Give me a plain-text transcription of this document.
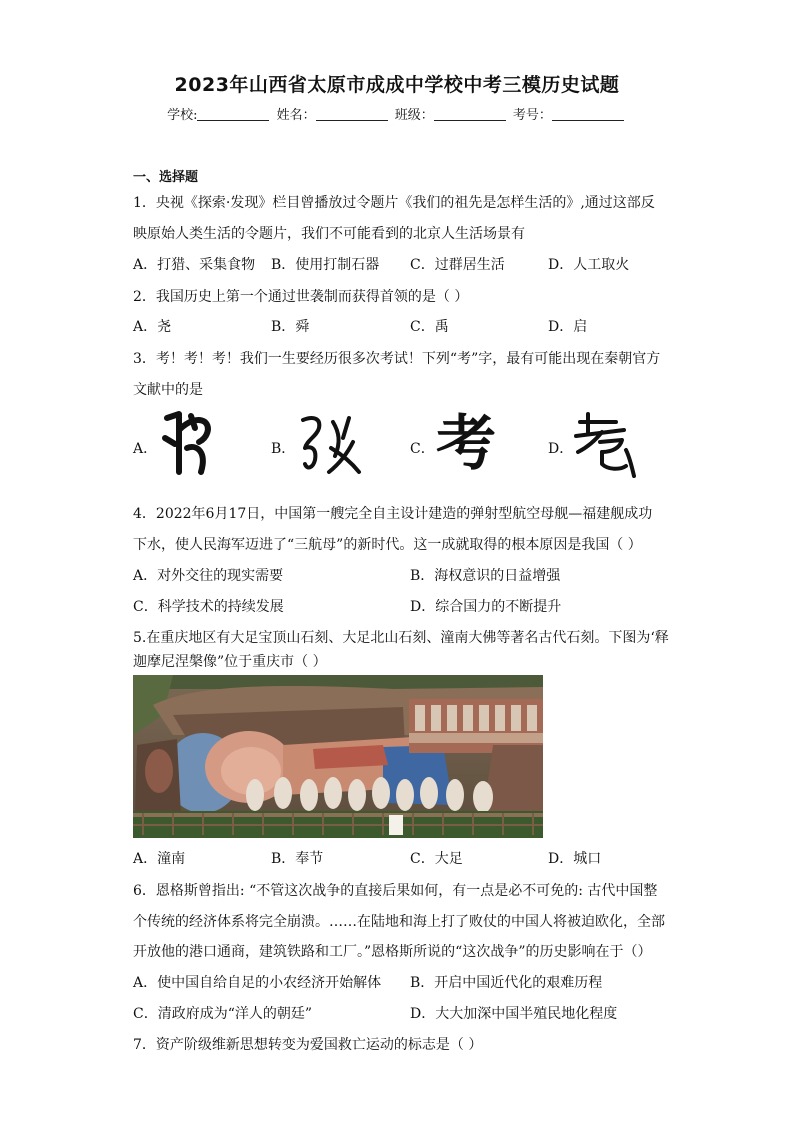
2023年山西省太原市成成中学校中考三模历史试题
学校:	姓名：	班级：	考号：
一、选择题
1．央视《探索·发现》栏目曾播放过令题片《我们的祖先是怎样生活的》,通过这部反
映原始人类生活的令题片，我们不可能看到的北京人生活场景有
A．打猎、采集食物 B．使用打制石器 C．过群居生活	D．人工取火
2．我国历史上第一个通过世袭制而获得首领的是（ ）
A．尧	B．舜	C．禹	D．启
3．考！考！考！我们一生要经历很多次考试！下列“考”字，最有可能出现在秦朝官方
文献中的是
A．	B．	C． 考	D．
4．2022年6月17日，中国第一艘完全自主设计建造的弹射型航空母舰—福建舰成功
下水，使人民海军迈进了“三航母”的新时代。这一成就取得的根本原因是我国（ ）
A．对外交往的现实需要	B．海权意识的日益增强
C．科学技术的持续发展	D．综合国力的不断提升
5.在重庆地区有大足宝顶山石刻、大足北山石刻、潼南大佛等著名古代石刻。下图为‘释
迦摩尼涅槃像”位于重庆市（ ）
A．潼南	B．奉节	C．大足	D．城口
6．恩格斯曾指出: “不管这次战争的直接后果如何，有一点是必不可免的: 古代中国整
个传统的经济体系将完全崩溃。……在陆地和海上打了败仗的中国人将被迫欧化，全部
开放他的港口通商，建筑铁路和工厂。”恩格斯所说的“这次战争”的历史影响在于（）
A．使中国自给自足的小农经济开始解体 B．开启中国近代化的艰难历程
C．清政府成为“洋人的朝廷”	D．大大加深中国半殖民地化程度
7．资产阶级维新思想转变为爱国救亡运动的标志是（ ）
